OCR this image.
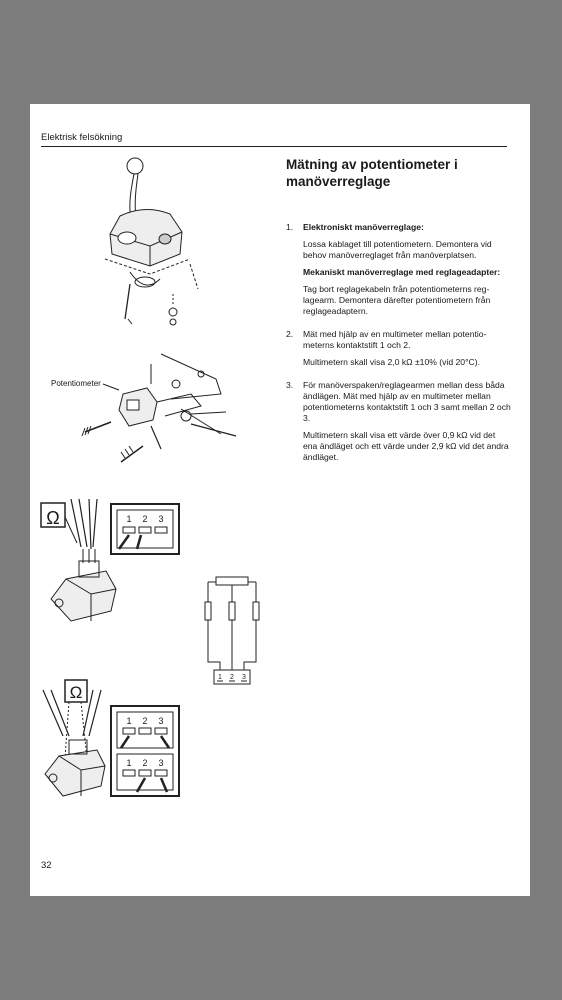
Elektrisk felsökning
Mätning av potentiometer i manöverreglage
1. Elektroniskt manöverreglage:

Lossa kablaget till potentiometern. Demontera vid behov manöverreglaget från manöverplatsen.

Mekaniskt manöverreglage med reglageadapter:

Tag bort reglagekabeln från potentiometerns reglagearm. Demontera därefter potentiometern från reglageadaptern.

2. Mät med hjälp av en multimeter mellan potentiometerns kontaktstift 1 och 2.

Multimetern skall visa 2,0 kΩ ±10% (vid 20°C).

3. För manöverspaken/reglagearmen mellan dess båda ändlägen. Mät med hjälp av en multimeter mellan potentiometerns kontaktstift 1 och 3 samt mellan 2 och 3.

Multimetern skall visa ett värde över 0,9 kΩ vid det ena ändläget och ett värde under 2,9 kΩ vid det andra ändläget.

Potentiometer
Ω	1 2 3
1 2 3
Ω
1 2 3
1 2 3
32
